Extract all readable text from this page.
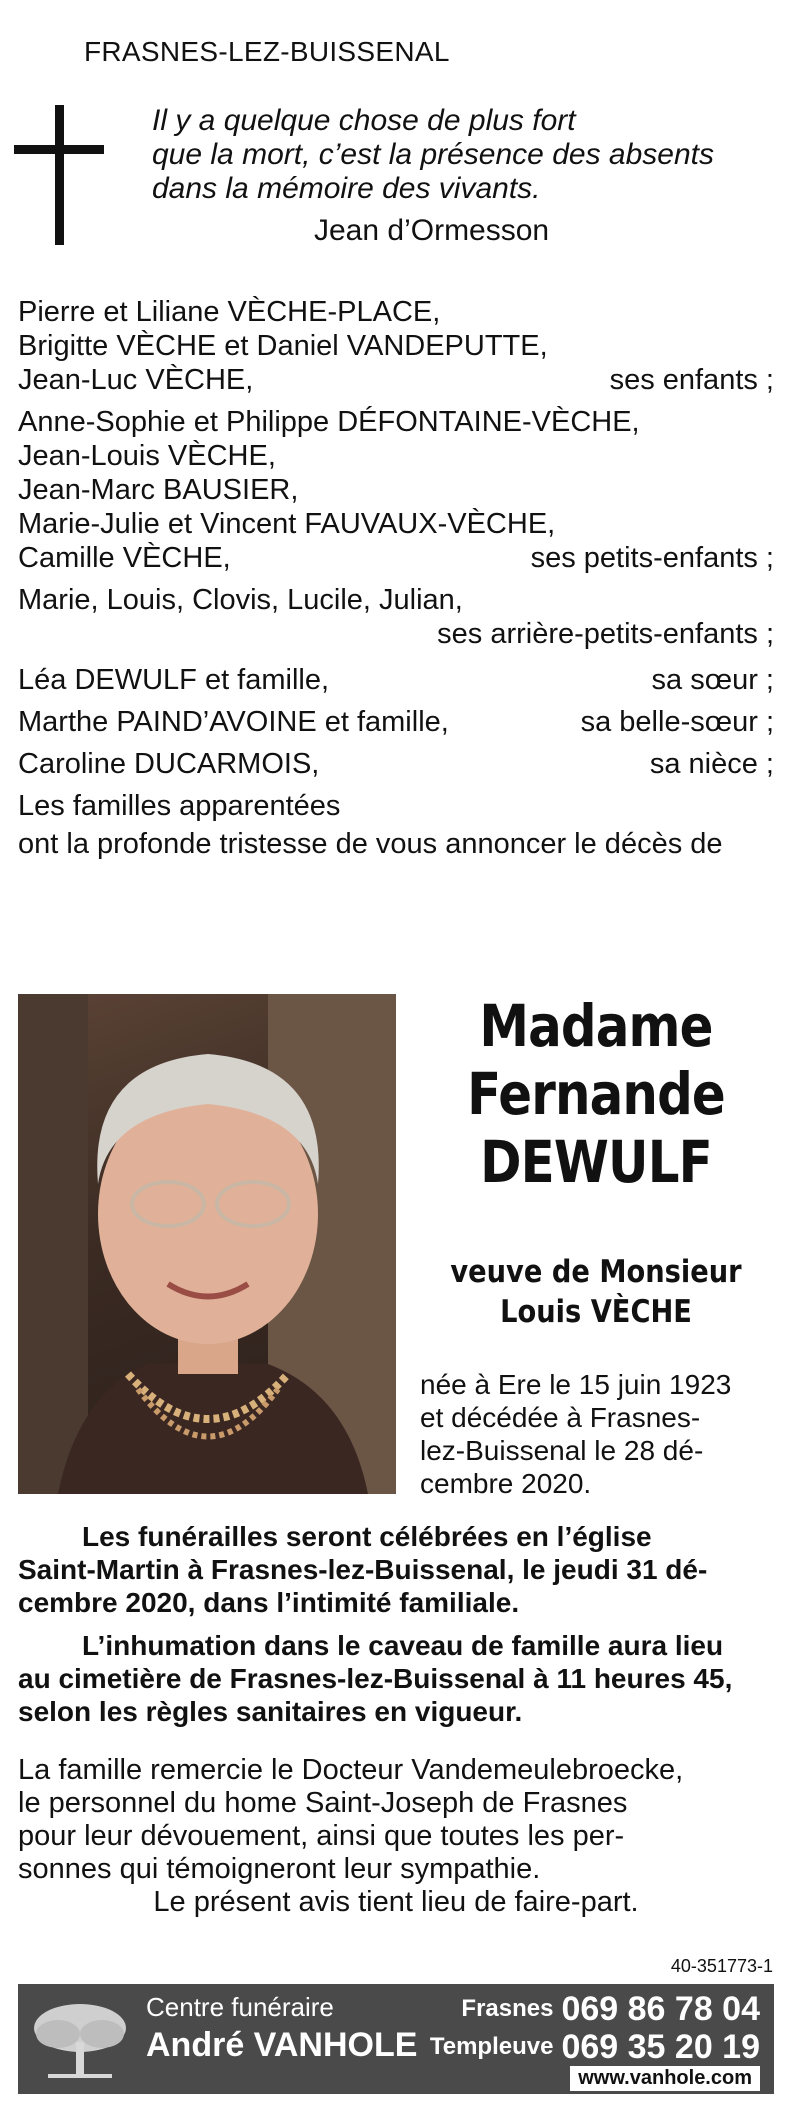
FRASNES-LEZ-BUISSENAL
Il y a quelque chose de plus fort
que la mort, c’est la présence des absents
dans la mémoire des vivants.
Jean d’Ormesson
Pierre et Liliane VÈCHE-PLACE,
Brigitte VÈCHE et Daniel VANDEPUTTE,
Jean-Luc VÈCHE,	ses enfants ;
Anne-Sophie et Philippe DÉFONTAINE-VÈCHE,
Jean-Louis VÈCHE,
Jean-Marc BAUSIER,
Marie-Julie et Vincent FAUVAUX-VÈCHE,
Camille VÈCHE,	ses petits-enfants ;
Marie, Louis, Clovis, Lucile, Julian,
ses arrière-petits-enfants ;
Léa DEWULF et famille,	sa sœur ;
Marthe PAIND’AVOINE et famille,	sa belle-sœur ;
Caroline DUCARMOIS,	sa nièce ;
Les familles apparentées
ont la profonde tristesse de vous annoncer le décès de
Madame
Fernande
DEWULF
veuve de Monsieur
Louis VÈCHE
née à Ere le 15 juin 1923
et décédée à Frasnes-
lez-Buissenal le 28 dé-
cembre 2020.
Les funérailles seront célébrées en l’église
Saint-Martin à Frasnes-lez-Buissenal, le jeudi 31 dé-
cembre 2020, dans l’intimité familiale.
L’inhumation dans le caveau de famille aura lieu
au cimetière de Frasnes-lez-Buissenal à 11 heures 45,
selon les règles sanitaires en vigueur.
La famille remercie le Docteur Vandemeulebroecke,
le personnel du home Saint-Joseph de Frasnes
pour leur dévouement, ainsi que toutes les per-
sonnes qui témoigneront leur sympathie.
Le présent avis tient lieu de faire-part.
40-351773-1
Centre funéraire
André VANHOLE
Frasnes 069 86 78 04
Templeuve 069 35 20 19
www.vanhole.com
